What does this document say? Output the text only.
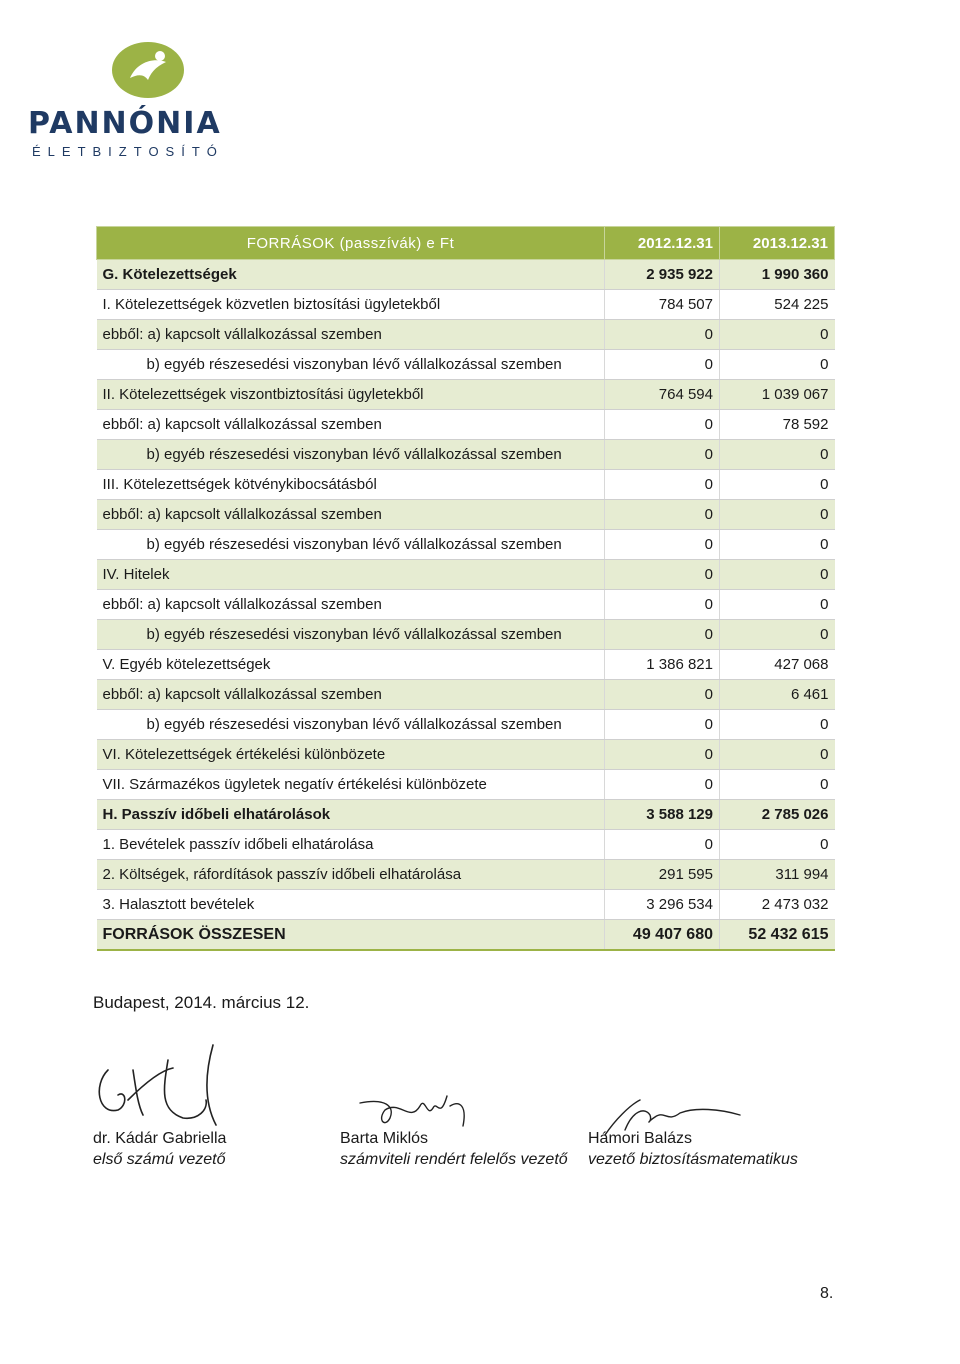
PANNÓNIA
ÉLETBIZTOSÍTÓ
FORRÁSOK (passzívák) e Ft	2012.12.31	2013.12.31
G. Kötelezettségek	2 935 922	1 990 360
I. Kötelezettségek közvetlen biztosítási ügyletekből	784 507	524 225
ebből: a) kapcsolt vállalkozással szemben	0	0
b) egyéb részesedési viszonyban lévő vállalkozással szemben	0	0
II. Kötelezettségek viszontbiztosítási ügyletekből	764 594	1 039 067
ebből: a) kapcsolt vállalkozással szemben	0	78 592
b) egyéb részesedési viszonyban lévő vállalkozással szemben	0	0
III. Kötelezettségek kötvénykibocsátásból	0	0
ebből: a) kapcsolt vállalkozással szemben	0	0
b) egyéb részesedési viszonyban lévő vállalkozással szemben	0	0
IV. Hitelek	0	0
ebből: a) kapcsolt vállalkozással szemben	0	0
b) egyéb részesedési viszonyban lévő vállalkozással szemben	0	0
V. Egyéb kötelezettségek	1 386 821	427 068
ebből: a) kapcsolt vállalkozással szemben	0	6 461
b) egyéb részesedési viszonyban lévő vállalkozással szemben	0	0
VI. Kötelezettségek értékelési különbözete	0	0
VII. Származékos ügyletek negatív értékelési különbözete	0	0
H. Passzív időbeli elhatárolások	3 588 129	2 785 026
1. Bevételek passzív időbeli elhatárolása	0	0
2. Költségek, ráfordítások passzív időbeli elhatárolása	291 595	311 994
3. Halasztott bevételek	3 296 534	2 473 032
FORRÁSOK ÖSSZESEN	49 407 680	52 432 615
Budapest, 2014. március 12.
dr. Kádár Gabriella
első számú vezető
Barta Miklós
számviteli rendért felelős vezető
Hámori Balázs
vezető biztosításmatematikus
8.
